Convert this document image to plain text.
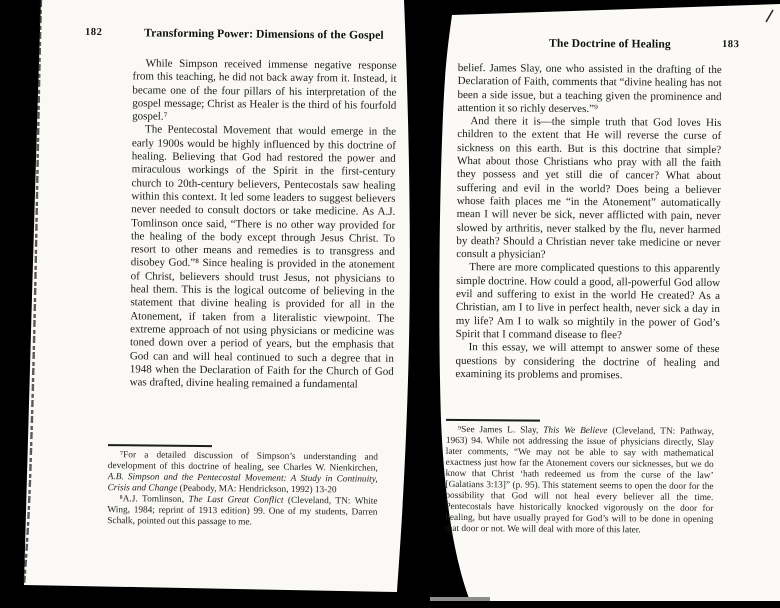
182	Transforming Power: Dimensions of the Gospel

While Simpson received immense negative response from this teaching, he did not back away from it. Instead, it became one of the four pillars of his interpretation of the gospel message; Christ as Healer is the third of his fourfold gospel.⁷

The Pentecostal Movement that would emerge in the early 1900s would be highly influenced by this doctrine of healing. Believing that God had restored the power and miraculous workings of the Spirit in the first-century church to 20th-century believers, Pentecostals saw healing within this context. It led some leaders to suggest believers never needed to consult doctors or take medicine. As A.J. Tomlinson once said, “There is no other way provided for the healing of the body except through Jesus Christ. To resort to other means and remedies is to transgress and disobey God.”⁸ Since healing is provided in the atonement of Christ, believers should trust Jesus, not physicians to heal them. This is the logical outcome of believing in the statement that divine healing is provided for all in the Atonement, if taken from a literalistic viewpoint. The extreme approach of not using physicians or medicine was toned down over a period of years, but the emphasis that God can and will heal continued to such a degree that in 1948 when the Declaration of Faith for the Church of God was drafted, divine healing remained a fundamental

⁷For a detailed discussion of Simpson’s understanding and development of this doctrine of healing, see Charles W. Nienkirchen, A.B. Simpson and the Pentecostal Movement: A Study in Continuity, Crisis and Change (Peabody, MA: Hendrickson, 1992) 13-20

⁸A.J. Tomlinson, The Last Great Conflict (Cleveland, TN: White Wing, 1984; reprint of 1913 edition) 99. One of my students, Darren Schalk, pointed out this passage to me.

The Doctrine of Healing	183

belief. James Slay, one who assisted in the drafting of the Declaration of Faith, comments that “divine healing has not been a side issue, but a teaching given the prominence and attention it so richly deserves.”⁹

And there it is—the simple truth that God loves His children to the extent that He will reverse the curse of sickness on this earth. But is this doctrine that simple? What about those Christians who pray with all the faith they possess and yet still die of cancer? What about suffering and evil in the world? Does being a believer whose faith places me “in the Atonement” automatically mean I will never be sick, never afflicted with pain, never slowed by arthritis, never stalked by the flu, never harmed by death? Should a Christian never take medicine or never consult a physician?

There are more complicated questions to this apparently simple doctrine. How could a good, all-powerful God allow evil and suffering to exist in the world He created? As a Christian, am I to live in perfect health, never sick a day in my life? Am I to walk so mightily in the power of God’s Spirit that I command disease to flee?

In this essay, we will attempt to answer some of these questions by considering the doctrine of healing and examining its problems and promises.

⁹See James L. Slay, This We Believe (Cleveland, TN: Pathway, 1963) 94. While not addressing the issue of physicians directly, Slay later comments, “We may not be able to say with mathematical exactness just how far the Atonement covers our sicknesses, but we do know that Christ ‘hath redeemed us from the curse of the law’ [Galatians 3:13]” (p. 95). This statement seems to open the door for the possibility that God will not heal every believer all the time. Pentecostals have historically knocked vigorously on the door for healing, but have usually prayed for God’s will to be done in opening that door or not. We will deal with more of this later.
